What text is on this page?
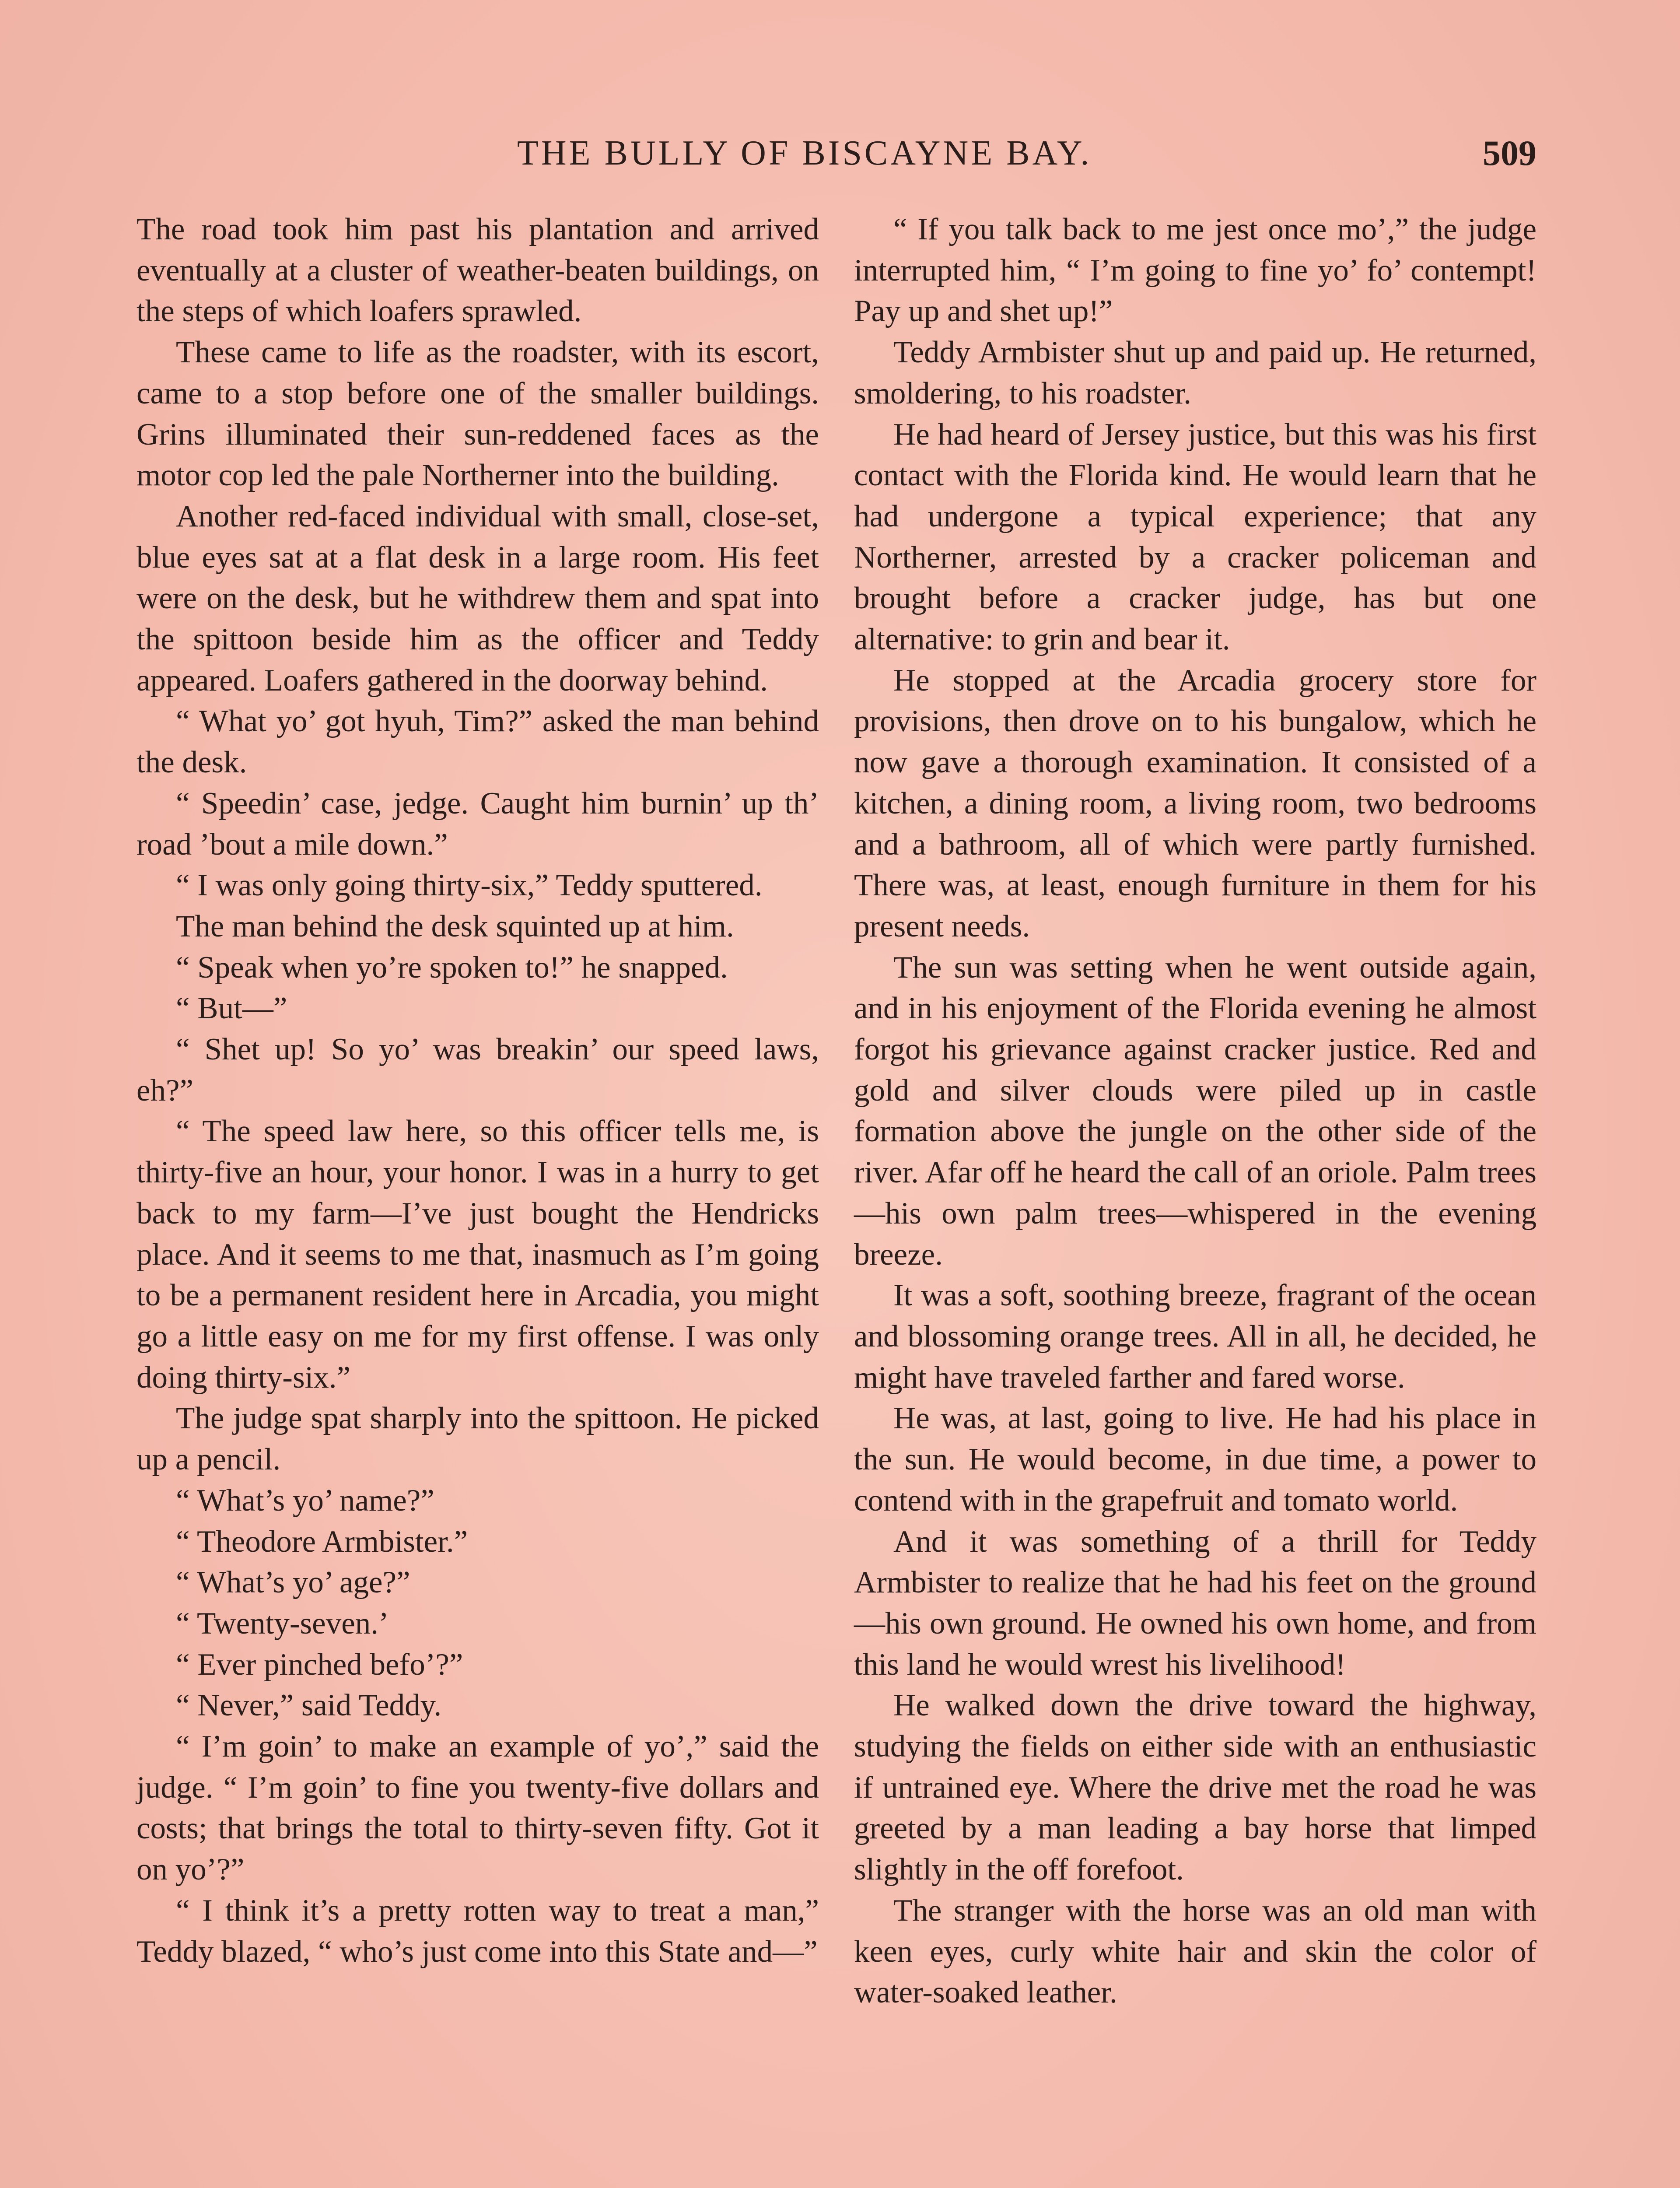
THE BULLY OF BISCAYNE BAY.	509

The road took him past his plantation and arrived eventually at a cluster of weather-beaten buildings, on the steps of which loafers sprawled.

These came to life as the roadster, with its escort, came to a stop before one of the smaller buildings. Grins illuminated their sun-reddened faces as the motor cop led the pale Northerner into the building.

Another red-faced individual with small, close-set, blue eyes sat at a flat desk in a large room. His feet were on the desk, but he withdrew them and spat into the spittoon beside him as the officer and Teddy appeared. Loafers gathered in the doorway behind.

“ What yo’ got hyuh, Tim?” asked the man behind the desk.

“ Speedin’ case, jedge. Caught him burnin’ up th’ road ’bout a mile down.”

“ I was only going thirty-six,” Teddy sputtered.

The man behind the desk squinted up at him.

“ Speak when yo’re spoken to!” he snapped.

“ But—”

“ Shet up! So yo’ was breakin’ our speed laws, eh?”

“ The speed law here, so this officer tells me, is thirty-five an hour, your honor. I was in a hurry to get back to my farm—I’ve just bought the Hendricks place. And it seems to me that, inasmuch as I’m going to be a permanent resident here in Arcadia, you might go a little easy on me for my first offense. I was only doing thirty-six.”

The judge spat sharply into the spittoon. He picked up a pencil.

“ What’s yo’ name?”

“ Theodore Armbister.”

“ What’s yo’ age?”

“ Twenty-seven.’

“ Ever pinched befo’?”

“ Never,” said Teddy.

“ I’m goin’ to make an example of yo’,” said the judge. “ I’m goin’ to fine you twenty-five dollars and costs; that brings the total to thirty-seven fifty. Got it on yo’?”

“ I think it’s a pretty rotten way to treat a man,” Teddy blazed, “ who’s just come into this State and—”

“ If you talk back to me jest once mo’,” the judge interrupted him, “ I’m going to fine yo’ fo’ contempt! Pay up and shet up!”

Teddy Armbister shut up and paid up. He returned, smoldering, to his roadster.

He had heard of Jersey justice, but this was his first contact with the Florida kind. He would learn that he had undergone a typical experience; that any Northerner, arrested by a cracker policeman and brought before a cracker judge, has but one alternative: to grin and bear it.

He stopped at the Arcadia grocery store for provisions, then drove on to his bungalow, which he now gave a thorough examination. It consisted of a kitchen, a dining room, a living room, two bedrooms and a bathroom, all of which were partly furnished. There was, at least, enough furniture in them for his present needs.

The sun was setting when he went outside again, and in his enjoyment of the Florida evening he almost forgot his grievance against cracker justice. Red and gold and silver clouds were piled up in castle formation above the jungle on the other side of the river. Afar off he heard the call of an oriole. Palm trees—his own palm trees—whispered in the evening breeze.

It was a soft, soothing breeze, fragrant of the ocean and blossoming orange trees. All in all, he decided, he might have traveled farther and fared worse.

He was, at last, going to live. He had his place in the sun. He would become, in due time, a power to contend with in the grapefruit and tomato world.

And it was something of a thrill for Teddy Armbister to realize that he had his feet on the ground—his own ground. He owned his own home, and from this land he would wrest his livelihood!

He walked down the drive toward the highway, studying the fields on either side with an enthusiastic if untrained eye. Where the drive met the road he was greeted by a man leading a bay horse that limped slightly in the off forefoot.

The stranger with the horse was an old man with keen eyes, curly white hair and skin the color of water-soaked leather.
